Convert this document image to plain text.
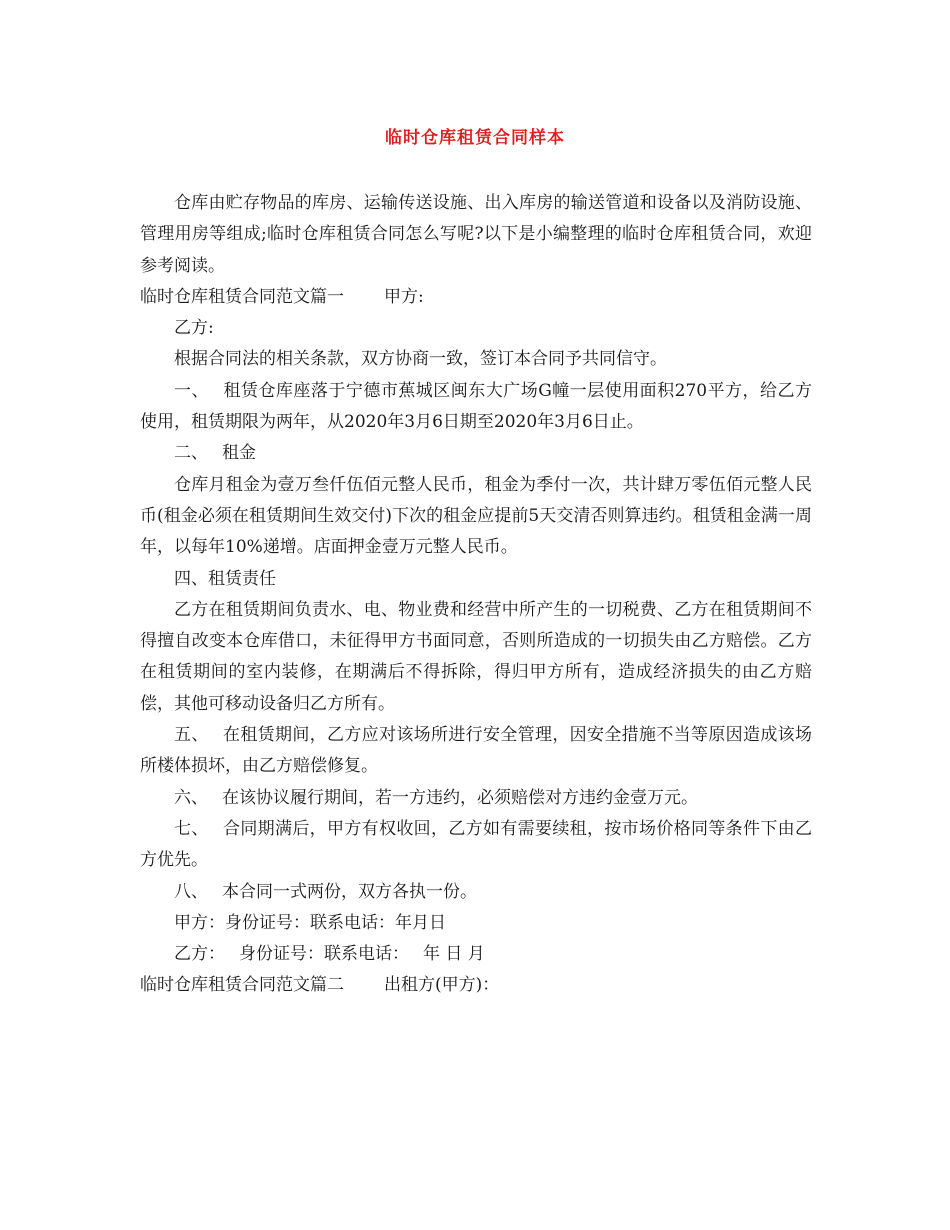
临时仓库租赁合同样本

仓库由贮存物品的库房、运输传送设施、出入库房的输送管道和设备以及消防设施、管理用房等组成;临时仓库租赁合同怎么写呢?以下是小编整理的临时仓库租赁合同，欢迎参考阅读。

临时仓库租赁合同范文篇一 甲方:

乙方:

根据合同法的相关条款，双方协商一致，签订本合同予共同信守。

一、 租赁仓库座落于宁德市蕉城区闽东大广场G幢一层使用面积270平方，给乙方使用，租赁期限为两年，从2020年3月6日期至2020年3月6日止。

二、 租金

仓库月租金为壹万叁仟伍佰元整人民币，租金为季付一次，共计肆万零伍佰元整人民币(租金必须在租赁期间生效交付)下次的租金应提前5天交清否则算违约。租赁租金满一周年，以每年10%递增。店面押金壹万元整人民币。

四、租赁责任

乙方在租赁期间负责水、电、物业费和经营中所产生的一切税费、乙方在租赁期间不得擅自改变本仓库借口，未征得甲方书面同意，否则所造成的一切损失由乙方赔偿。乙方在租赁期间的室内装修，在期满后不得拆除，得归甲方所有，造成经济损失的由乙方赔偿，其他可移动设备归乙方所有。

五、 在租赁期间，乙方应对该场所进行安全管理，因安全措施不当等原因造成该场所楼体损坏，由乙方赔偿修复。

六、 在该协议履行期间，若一方违约，必须赔偿对方违约金壹万元。

七、 合同期满后，甲方有权收回，乙方如有需要续租，按市场价格同等条件下由乙方优先。

八、 本合同一式两份，双方各执一份。

甲方：身份证号：联系电话：年月日

乙方： 身份证号：联系电话： 年 日 月

临时仓库租赁合同范文篇二 出租方(甲方)：
